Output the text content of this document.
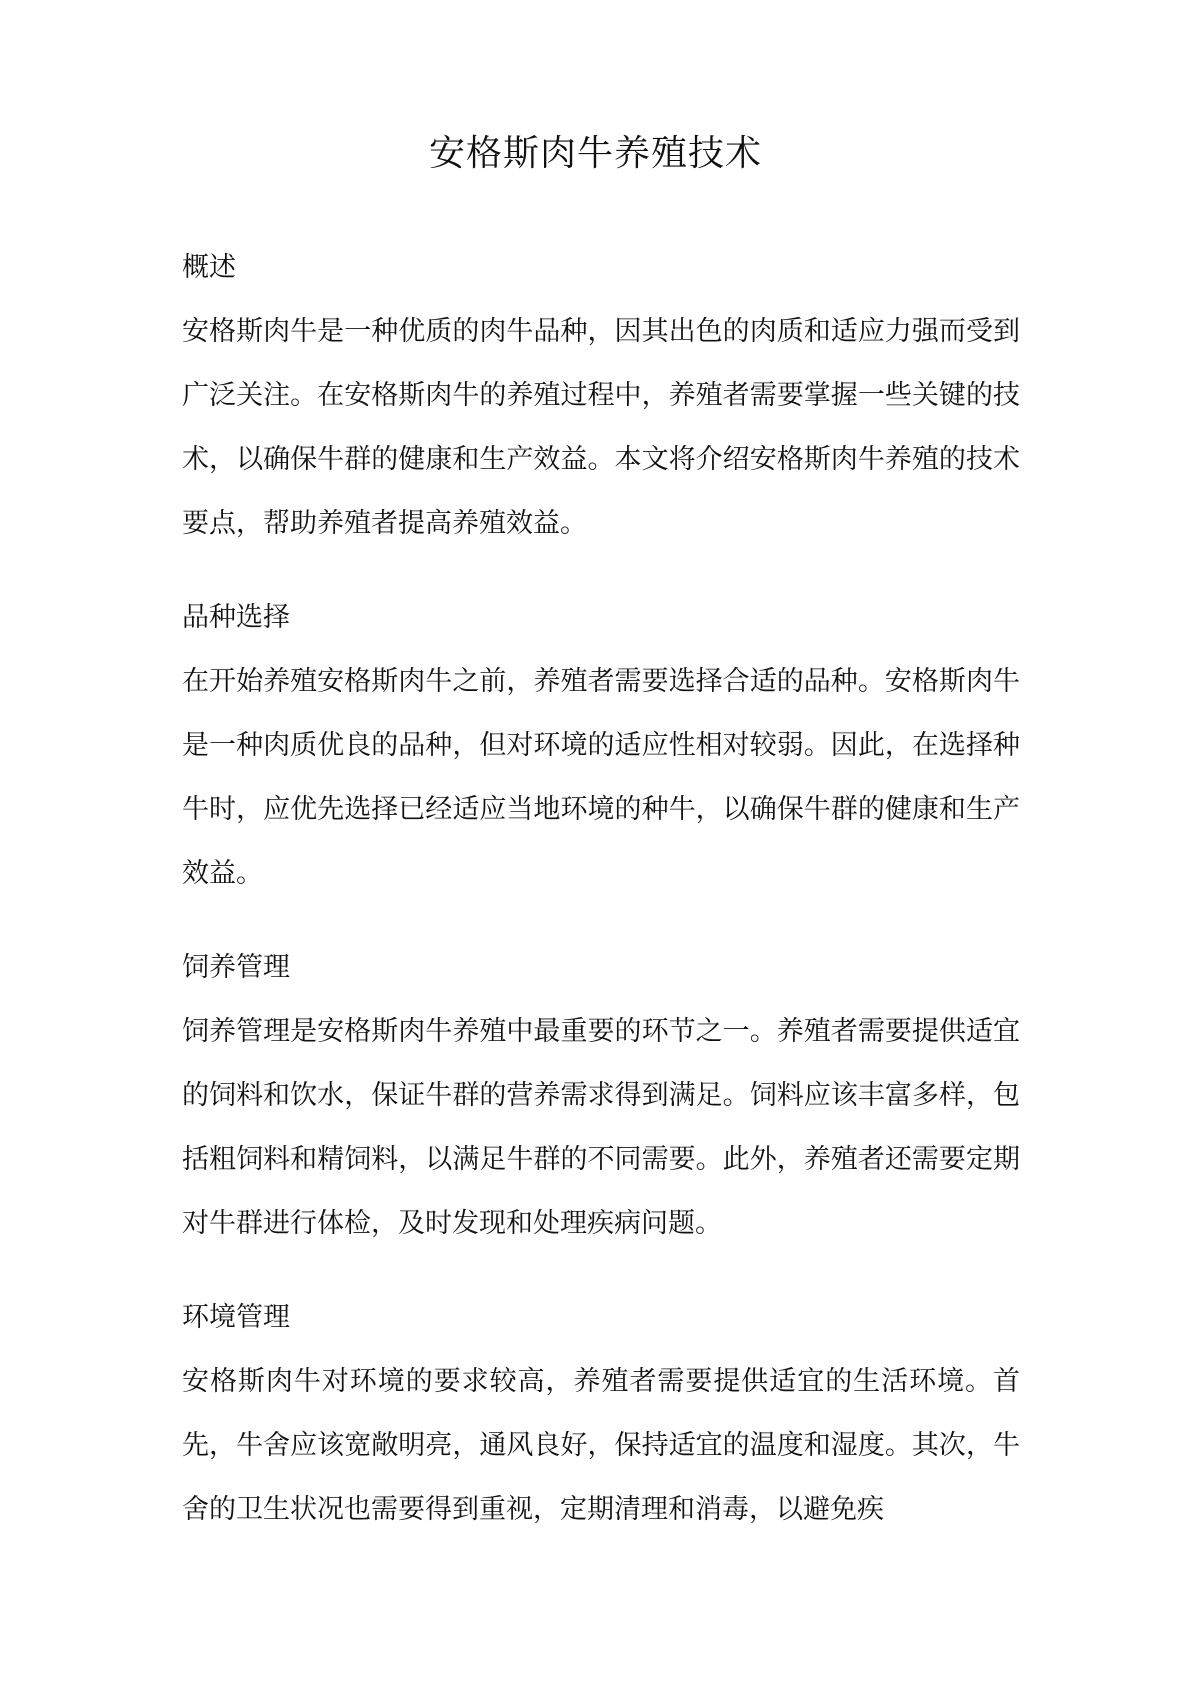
安格斯肉牛养殖技术
概述

安格斯肉牛是一种优质的肉牛品种，因其出色的肉质和适应力强而受到广泛关注。在安格斯肉牛的养殖过程中，养殖者需要掌握一些关键的技术，以确保牛群的健康和生产效益。本文将介绍安格斯肉牛养殖的技术要点，帮助养殖者提高养殖效益。

品种选择

在开始养殖安格斯肉牛之前，养殖者需要选择合适的品种。安格斯肉牛是一种肉质优良的品种，但对环境的适应性相对较弱。因此，在选择种牛时，应优先选择已经适应当地环境的种牛，以确保牛群的健康和生产效益。

饲养管理

饲养管理是安格斯肉牛养殖中最重要的环节之一。养殖者需要提供适宜的饲料和饮水，保证牛群的营养需求得到满足。饲料应该丰富多样，包括粗饲料和精饲料，以满足牛群的不同需要。此外，养殖者还需要定期对牛群进行体检，及时发现和处理疾病问题。

环境管理

安格斯肉牛对环境的要求较高，养殖者需要提供适宜的生活环境。首先，牛舍应该宽敞明亮，通风良好，保持适宜的温度和湿度。其次，牛舍的卫生状况也需要得到重视，定期清理和消毒，以避免疾
